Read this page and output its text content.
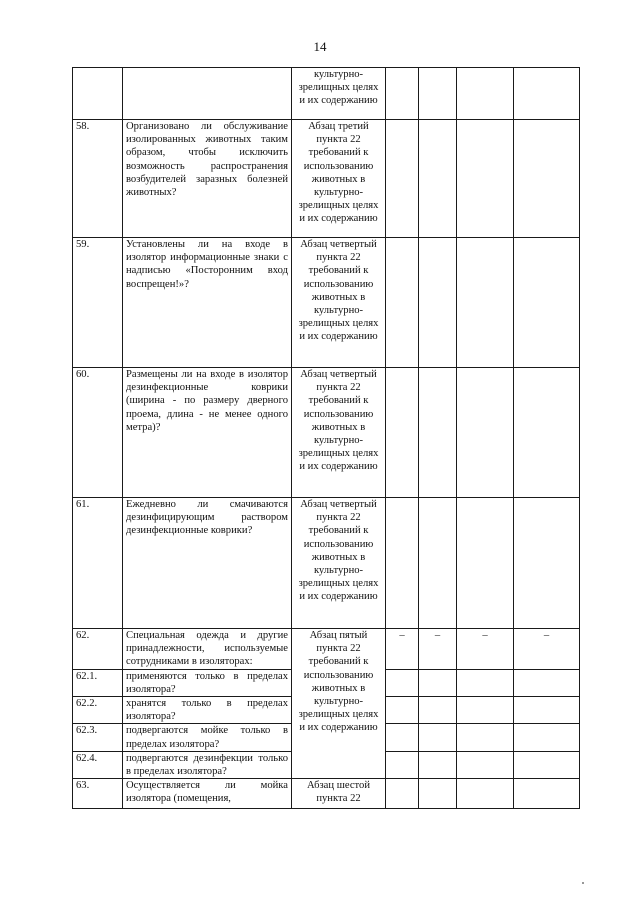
14
		культурно-зрелищных целях и их содержанию				
58.	Организовано ли обслуживание изолированных животных таким образом, чтобы исключить возможность распространения возбудителей заразных болезней животных?	Абзац третий пункта 22 требований к использованию животных в культурно-зрелищных целях и их содержанию				
59.	Установлены ли на входе в изолятор информационные знаки с надписью «Посторонним вход воспрещен!»?	Абзац четвертый пункта 22 требований к использованию животных в культурно-зрелищных целях и их содержанию				
60.	Размещены ли на входе в изолятор дезинфекционные коврики (ширина - по размеру дверного проема, длина - не менее одного метра)?	Абзац четвертый пункта 22 требований к использованию животных в культурно-зрелищных целях и их содержанию				
61.	Ежедневно ли смачиваются дезинфицирующим раствором дезинфекционные коврики?	Абзац четвертый пункта 22 требований к использованию животных в культурно-зрелищных целях и их содержанию				
62.	Специальная одежда и другие принадлежности, используемые сотрудниками в изоляторах:	Абзац пятый пункта 22 требований к использованию животных в культурно-зрелищных целях и их содержанию	–	–	–	–
62.1.	применяются только в пределах изолятора?					
62.2.	хранятся только в пределах изолятора?					
62.3.	подвергаются мойке только в пределах изолятора?					
62.4.	подвергаются дезинфекции только в пределах изолятора?					
63.	Осуществляется ли мойка изолятора (помещения,	Абзац шестой пункта 22				
